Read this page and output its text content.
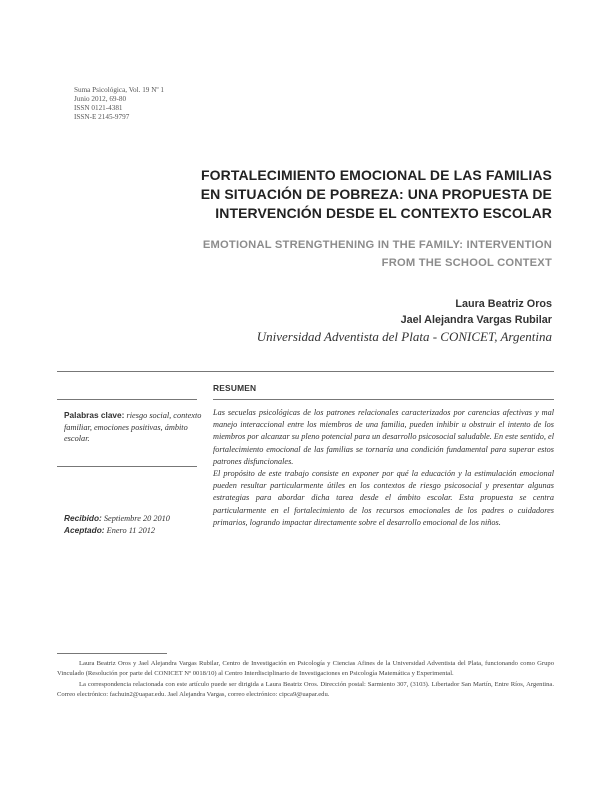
Suma Psicológica, Vol. 19 Nº 1
Junio 2012, 69-80
ISSN 0121-4381
ISSN-E 2145-9797
FORTALECIMIENTO EMOCIONAL DE LAS FAMILIAS
EN SITUACIÓN DE POBREZA: UNA PROPUESTA DE
INTERVENCIÓN DESDE EL CONTEXTO ESCOLAR
EMOTIONAL STRENGTHENING IN THE FAMILY: INTERVENTION
FROM THE SCHOOL CONTEXT
Laura Beatriz Oros
Jael Alejandra Vargas Rubilar
Universidad Adventista del Plata - CONICET, Argentina
RESUMEN
Palabras clave: riesgo social, contexto familiar, emociones positivas, ámbito escolar.
Recibido: Septiembre 20 2010
Aceptado: Enero 11 2012

Las secuelas psicológicas de los patrones relacionales caracterizados por carencias afectivas y mal manejo interaccional entre los miembros de una familia, pueden inhibir u obstruir el intento de los miembros por alcanzar su pleno potencial para un desarrollo psicosocial saludable. En este sentido, el fortalecimiento emocional de las familias se tornaría una condición fundamental para superar estos patrones disfuncionales.

El propósito de este trabajo consiste en exponer por qué la educación y la estimulación emocional pueden resultar particularmente útiles en los contextos de riesgo psicosocial y presentar algunas estrategias para abordar dicha tarea desde el ámbito escolar. Esta propuesta se centra particularmente en el fortalecimiento de los recursos emocionales de los padres o cuidadores primarios, logrando impactar directamente sobre el desarrollo emocional de los niños.

Laura Beatriz Oros y Jael Alejandra Vargas Rubilar, Centro de Investigación en Psicología y Ciencias Afines de la Universidad Adventista del Plata, funcionando como Grupo Vinculado (Resolución por parte del CONICET Nº 0018/10) al Centro Interdisciplinario de Investigaciones en Psicología Matemática y Experimental.

La correspondencia relacionada con este artículo puede ser dirigida a Laura Beatriz Oros. Dirección postal: Sarmiento 307, (3103). Libertador San Martín, Entre Ríos, Argentina. Correo electrónico: fachuin2@uapar.edu. Jael Alejandra Vargas, correo electrónico: cipca9@uapar.edu.
